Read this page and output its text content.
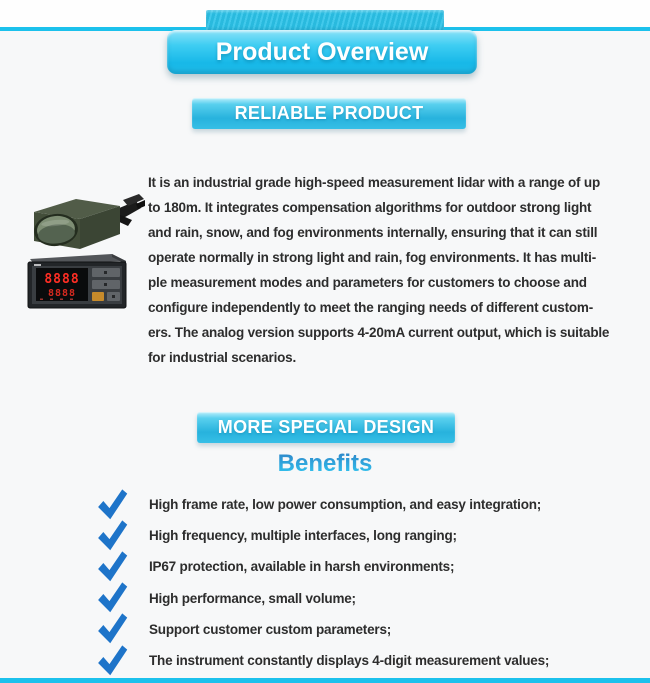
Product Overview
RELIABLE PRODUCT
8888
8888
It is an industrial grade high-speed measurement lidar with a range of up
to 180m. It integrates compensation algorithms for outdoor strong light
and rain, snow, and fog environments internally, ensuring that it can still
operate normally in strong light and rain, fog environments. It has multi-
ple measurement modes and parameters for customers to choose and
configure independently to meet the ranging needs of different custom-
ers. The analog version supports 4-20mA current output, which is suitable
for industrial scenarios.
MORE SPECIAL DESIGN
Benefits
High frame rate, low power consumption, and easy integration;
High frequency, multiple interfaces, long ranging;
IP67 protection, available in harsh environments;
High performance, small volume;
Support customer custom parameters;
The instrument constantly displays 4-digit measurement values;
